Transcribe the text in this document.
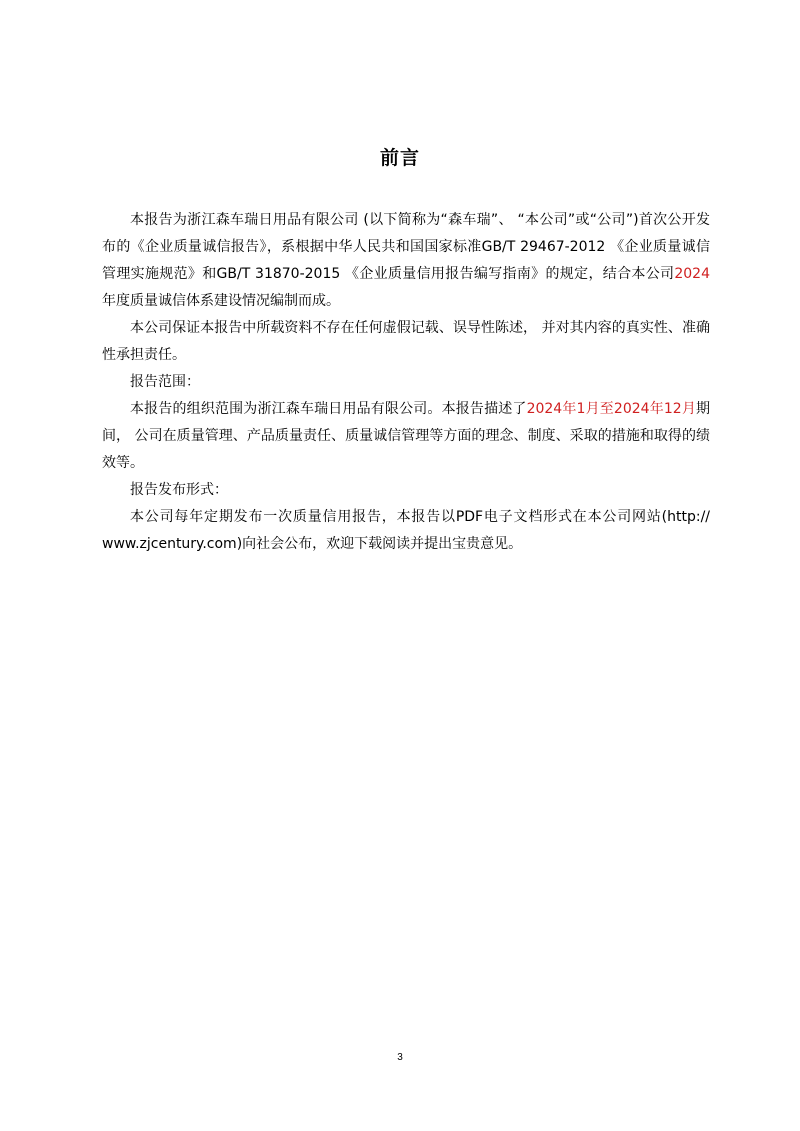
前言

本报告为浙江森车瑞日用品有限公司 (以下简称为“森车瑞”、 “本公司”或“公司”)首次公开发布的《企业质量诚信报告》，系根据中华人民共和国国家标准GB/T 29467-2012 《企业质量诚信管理实施规范》和GB/T 31870-2015 《企业质量信用报告编写指南》的规定，结合本公司2024年度质量诚信体系建设情况编制而成。

本公司保证本报告中所载资料不存在任何虚假记载、误导性陈述， 并对其内容的真实性、准确性承担责任。

报告范围：

本报告的组织范围为浙江森车瑞日用品有限公司。本报告描述了2024年1月至2024年12月期间， 公司在质量管理、产品质量责任、质量诚信管理等方面的理念、制度、采取的措施和取得的绩效等。

报告发布形式：

本公司每年定期发布一次质量信用报告，本报告以PDF电子文档形式在本公司网站(http:// www.zjcentury.com)向社会公布，欢迎下载阅读并提出宝贵意见。

3
